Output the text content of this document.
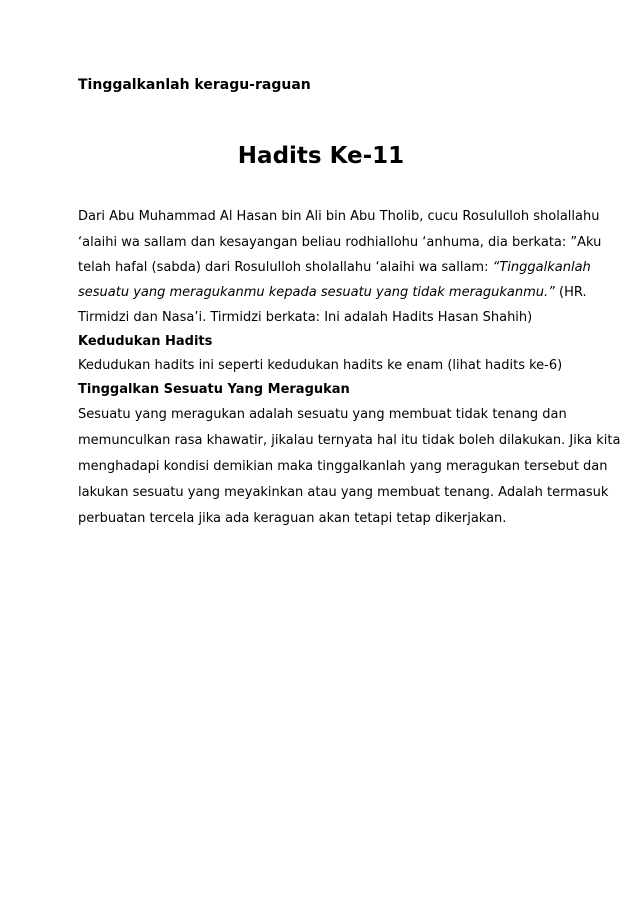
Tinggalkanlah keragu-raguan
Hadits Ke-11
Dari Abu Muhammad Al Hasan bin Ali bin Abu Tholib, cucu Rosululloh sholallahu
‘alaihi wa sallam dan kesayangan beliau rodhiallohu ‘anhuma, dia berkata: ”Aku
telah hafal (sabda) dari Rosululloh sholallahu ‘alaihi wa sallam: “Tinggalkanlah
sesuatu yang meragukanmu kepada sesuatu yang tidak meragukanmu.” (HR.
Tirmidzi dan Nasa’i. Tirmidzi berkata: Ini adalah Hadits Hasan Shahih)
Kedudukan Hadits
Kedudukan hadits ini seperti kedudukan hadits ke enam (lihat hadits ke-6)
Tinggalkan Sesuatu Yang Meragukan
Sesuatu yang meragukan adalah sesuatu yang membuat tidak tenang dan
memunculkan rasa khawatir, jikalau ternyata hal itu tidak boleh dilakukan. Jika kita
menghadapi kondisi demikian maka tinggalkanlah yang meragukan tersebut dan
lakukan sesuatu yang meyakinkan atau yang membuat tenang. Adalah termasuk
perbuatan tercela jika ada keraguan akan tetapi tetap dikerjakan.
